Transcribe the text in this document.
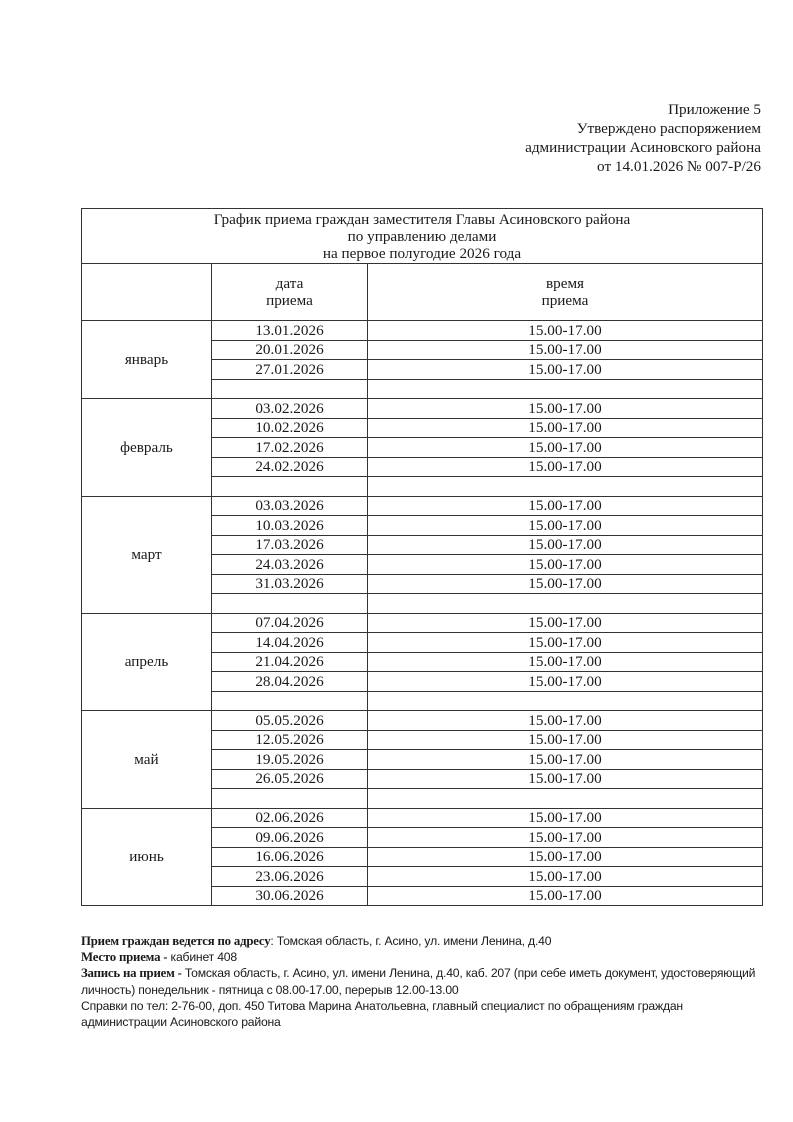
Приложение 5
Утверждено распоряжением
администрации Асиновского района
от 14.01.2026 № 007-Р/26
График приема граждан заместителя Главы Асиновского района
по управлению делами
на первое полугодие 2026 года		

дата
приема

время
приема

январь	13.01.2026	15.00-17.00
	20.01.2026	15.00-17.00
	27.01.2026	15.00-17.00

февраль	03.02.2026	15.00-17.00
	10.02.2026	15.00-17.00
	17.02.2026	15.00-17.00
	24.02.2026	15.00-17.00

март	03.03.2026	15.00-17.00
	10.03.2026	15.00-17.00
	17.03.2026	15.00-17.00
	24.03.2026	15.00-17.00
	31.03.2026	15.00-17.00

апрель	07.04.2026	15.00-17.00
	14.04.2026	15.00-17.00
	21.04.2026	15.00-17.00
	28.04.2026	15.00-17.00

май	05.05.2026	15.00-17.00
	12.05.2026	15.00-17.00
	19.05.2026	15.00-17.00
	26.05.2026	15.00-17.00

июнь	02.06.2026	15.00-17.00
	09.06.2026	15.00-17.00
	16.06.2026	15.00-17.00
	23.06.2026	15.00-17.00
	30.06.2026	15.00-17.00

Прием граждан ведется по адресу: Томская область, г. Асино, ул. имени Ленина, д.40

Место приема - кабинет 408

Запись на прием - Томская область, г. Асино, ул. имени Ленина, д.40, каб. 207 (при себе иметь документ, удостоверяющий личность) понедельник - пятница с 08.00-17.00, перерыв 12.00-13.00

Справки по тел: 2-76-00, доп. 450 Титова Марина Анатольевна, главный специалист по обращениям граждан администрации Асиновского района
